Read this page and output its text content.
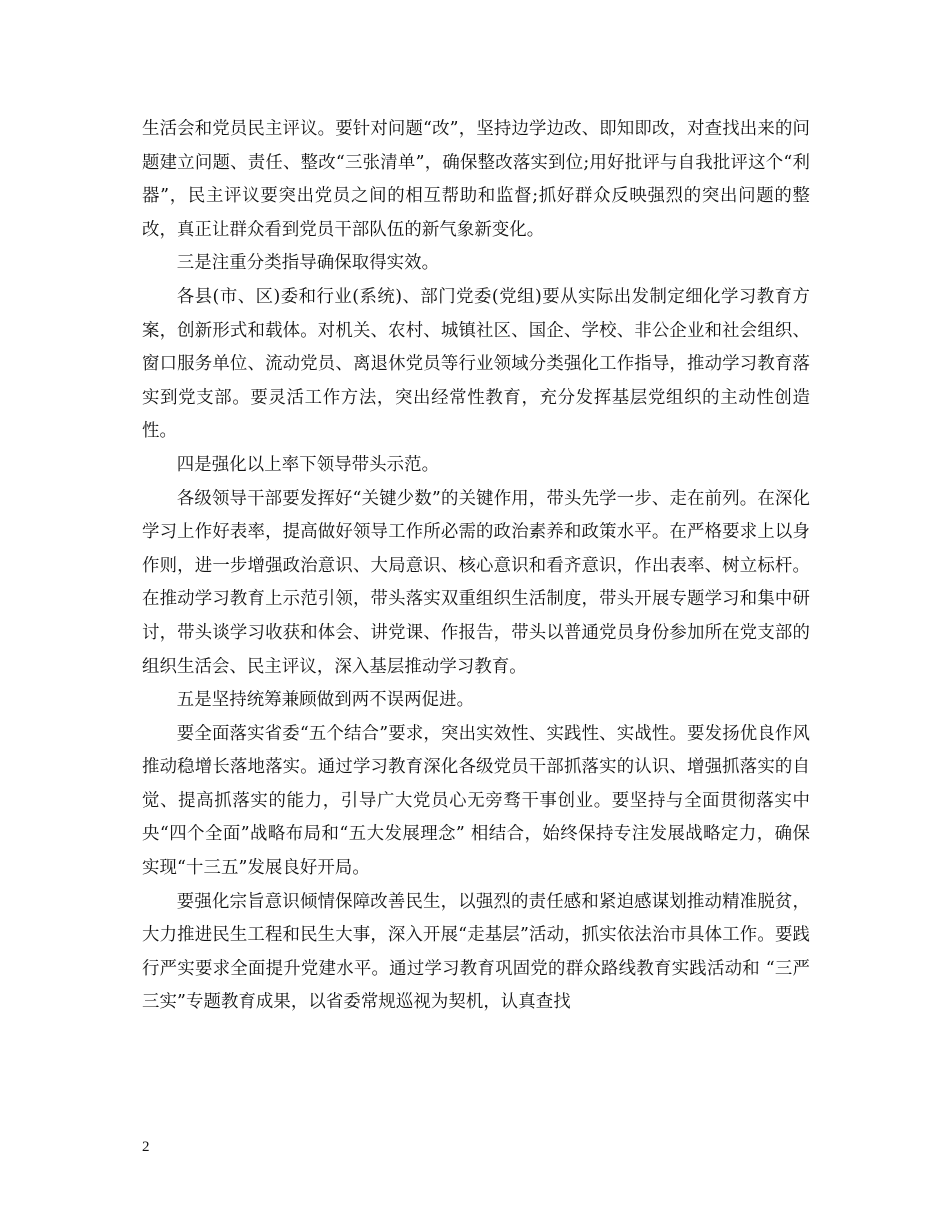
生活会和党员民主评议。要针对问题“改”，坚持边学边改、即知即改，对查找出来的问题建立问题、责任、整改“三张清单”，确保整改落实到位;用好批评与自我批评这个“利器”，民主评议要突出党员之间的相互帮助和监督;抓好群众反映强烈的突出问题的整改，真正让群众看到党员干部队伍的新气象新变化。

三是注重分类指导确保取得实效。

各县(市、区)委和行业(系统)、部门党委(党组)要从实际出发制定细化学习教育方案，创新形式和载体。对机关、农村、城镇社区、国企、学校、非公企业和社会组织、窗口服务单位、流动党员、离退休党员等行业领域分类强化工作指导，推动学习教育落实到党支部。要灵活工作方法，突出经常性教育，充分发挥基层党组织的主动性创造性。

四是强化以上率下领导带头示范。

各级领导干部要发挥好“关键少数”的关键作用，带头先学一步、走在前列。在深化学习上作好表率，提高做好领导工作所必需的政治素养和政策水平。在严格要求上以身作则，进一步增强政治意识、大局意识、核心意识和看齐意识，作出表率、树立标杆。在推动学习教育上示范引领，带头落实双重组织生活制度，带头开展专题学习和集中研讨，带头谈学习收获和体会、讲党课、作报告，带头以普通党员身份参加所在党支部的组织生活会、民主评议，深入基层推动学习教育。

五是坚持统筹兼顾做到两不误两促进。

要全面落实省委“五个结合”要求，突出实效性、实践性、实战性。要发扬优良作风推动稳增长落地落实。通过学习教育深化各级党员干部抓落实的认识、增强抓落实的自觉、提高抓落实的能力，引导广大党员心无旁骛干事创业。要坚持与全面贯彻落实中央“四个全面”战略布局和“五大发展理念” 相结合，始终保持专注发展战略定力，确保实现“十三五”发展良好开局。

要强化宗旨意识倾情保障改善民生，以强烈的责任感和紧迫感谋划推动精准脱贫，大力推进民生工程和民生大事，深入开展“走基层”活动，抓实依法治市具体工作。要践行严实要求全面提升党建水平。通过学习教育巩固党的群众路线教育实践活动和 “三严三实”专题教育成果，以省委常规巡视为契机，认真查找

2
